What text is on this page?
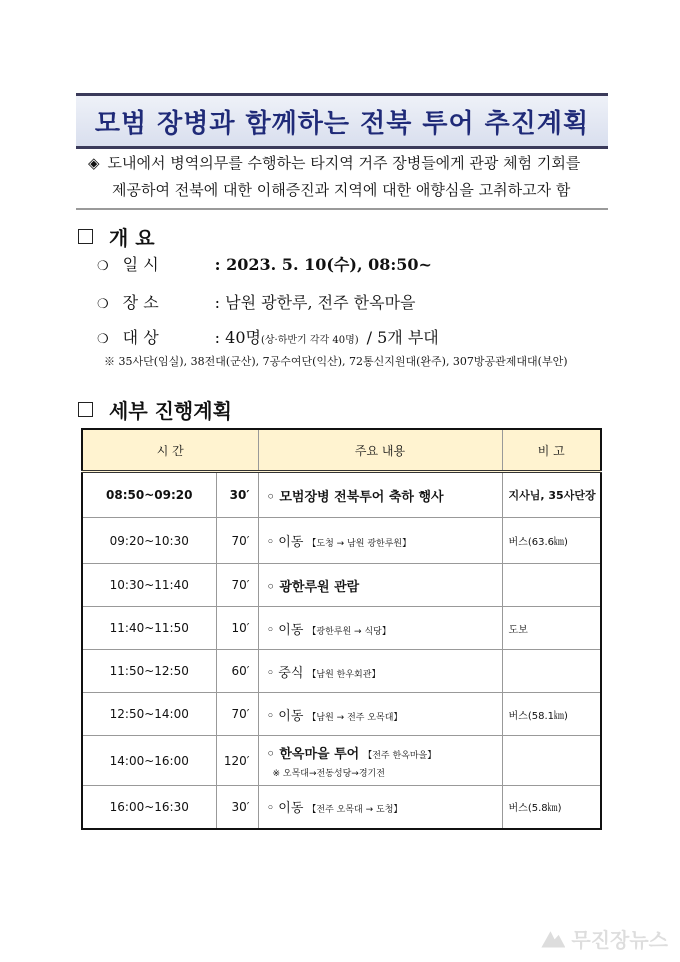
모범 장병과 함께하는 전북 투어 추진계획
◈ 도내에서 병역의무를 수행하는 타지역 거주 장병들에게 관광 체험 기회를
제공하여 전북에 대한 이해증진과 지역에 대한 애향심을 고취하고자 함
개 요
❍ 일 시	: 2023. 5. 10(수), 08:50~
❍ 장 소	: 남원 광한루, 전주 한옥마을
❍ 대 상	: 40명 (상·하반기 각각 40명) / 5개 부대
※ 35사단(임실), 38전대(군산), 7공수여단(익산), 72통신지원대(완주), 307방공관제대대(부안)
세부 진행계획
시 간		주요 내용	비 고
08:50~09:20	30′	◦ 모범장병 전북투어 축하 행사	지사님, 35사단장
09:20~10:30	70′	◦ 이동 【도청 → 남원 광한루원】	버스(63.6㎞)
10:30~11:40	70′	◦ 광한루원 관람	
11:40~11:50	10′	◦ 이동 【광한루원 → 식당】	도보
11:50~12:50	60′	◦ 중식 【남원 한우회관】	
12:50~14:00	70′	◦ 이동 【남원 → 전주 오목대】	버스(58.1㎞)
14:00~16:00	120′	◦ 한옥마을 투어 【전주 한옥마을】
※ 오목대→전동성당→경기전	

16:00~16:30	30′	◦ 이동 【전주 오목대 → 도청】	버스(5.8㎞)
무진장뉴스
